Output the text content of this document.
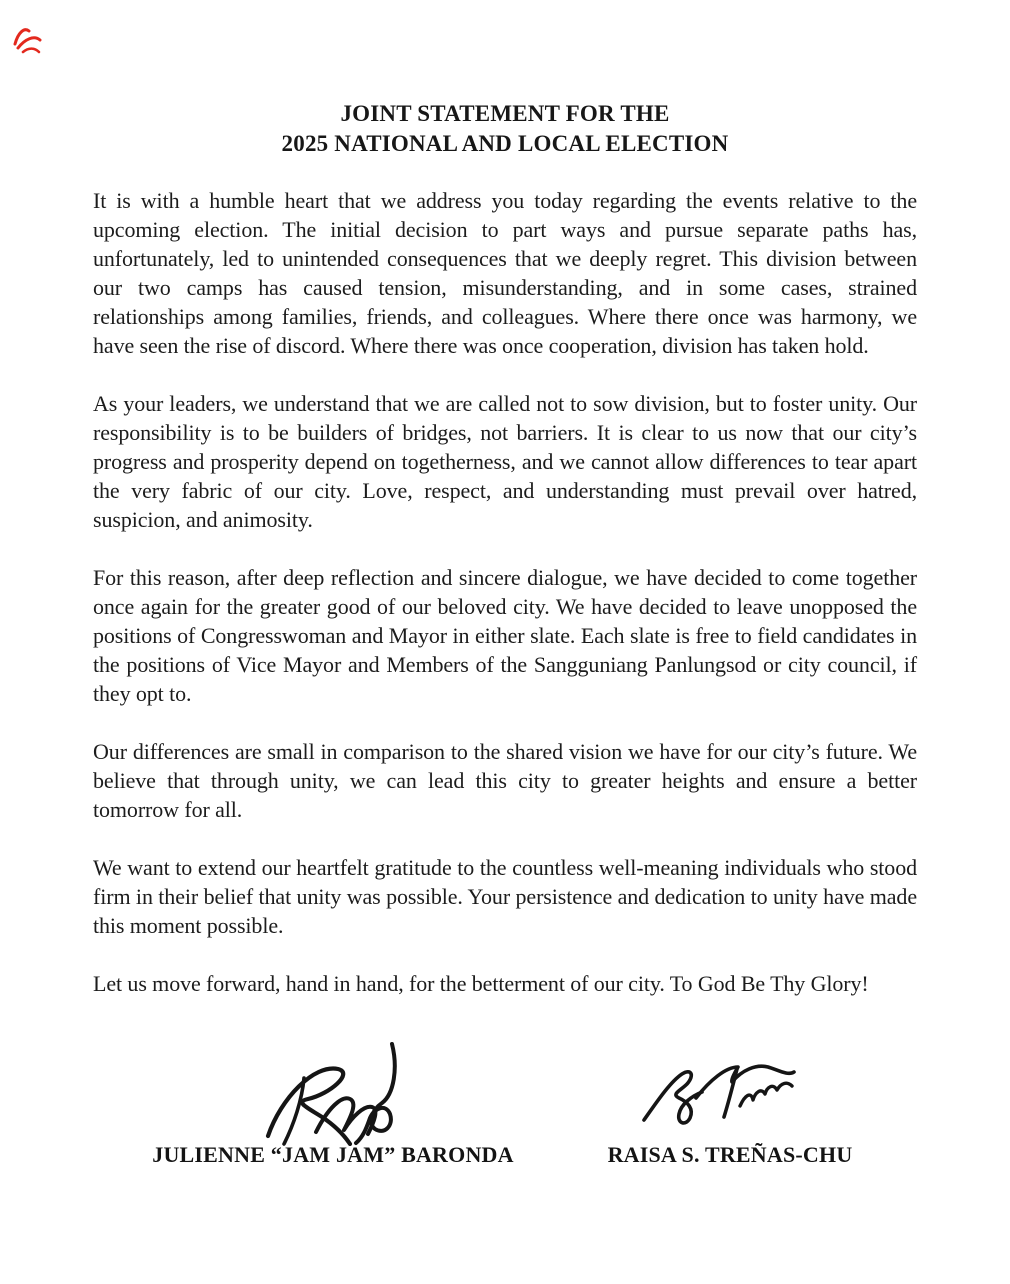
JOINT STATEMENT FOR THE
2025 NATIONAL AND LOCAL ELECTION

It is with a humble heart that we address you today regarding the events relative to the upcoming election. The initial decision to part ways and pursue separate paths has, unfortunately, led to unintended consequences that we deeply regret. This division between our two camps has caused tension, misunderstanding, and in some cases, strained relationships among families, friends, and colleagues. Where there once was harmony, we have seen the rise of discord. Where there was once cooperation, division has taken hold.

As your leaders, we understand that we are called not to sow division, but to foster unity. Our responsibility is to be builders of bridges, not barriers. It is clear to us now that our city’s progress and prosperity depend on togetherness, and we cannot allow differences to tear apart the very fabric of our city. Love, respect, and understanding must prevail over hatred, suspicion, and animosity.

For this reason, after deep reflection and sincere dialogue, we have decided to come together once again for the greater good of our beloved city. We have decided to leave unopposed the positions of Congresswoman and Mayor in either slate. Each slate is free to field candidates in the positions of Vice Mayor and Members of the Sangguniang Panlungsod or city council, if they opt to.

Our differences are small in comparison to the shared vision we have for our city’s future. We believe that through unity, we can lead this city to greater heights and ensure a better tomorrow for all.

We want to extend our heartfelt gratitude to the countless well-meaning individuals who stood firm in their belief that unity was possible. Your persistence and dedication to unity have made this moment possible.

Let us move forward, hand in hand, for the betterment of our city. To God Be Thy Glory!

JULIENNE “JAM JAM” BARONDA	RAISA S. TREÑAS-CHU
